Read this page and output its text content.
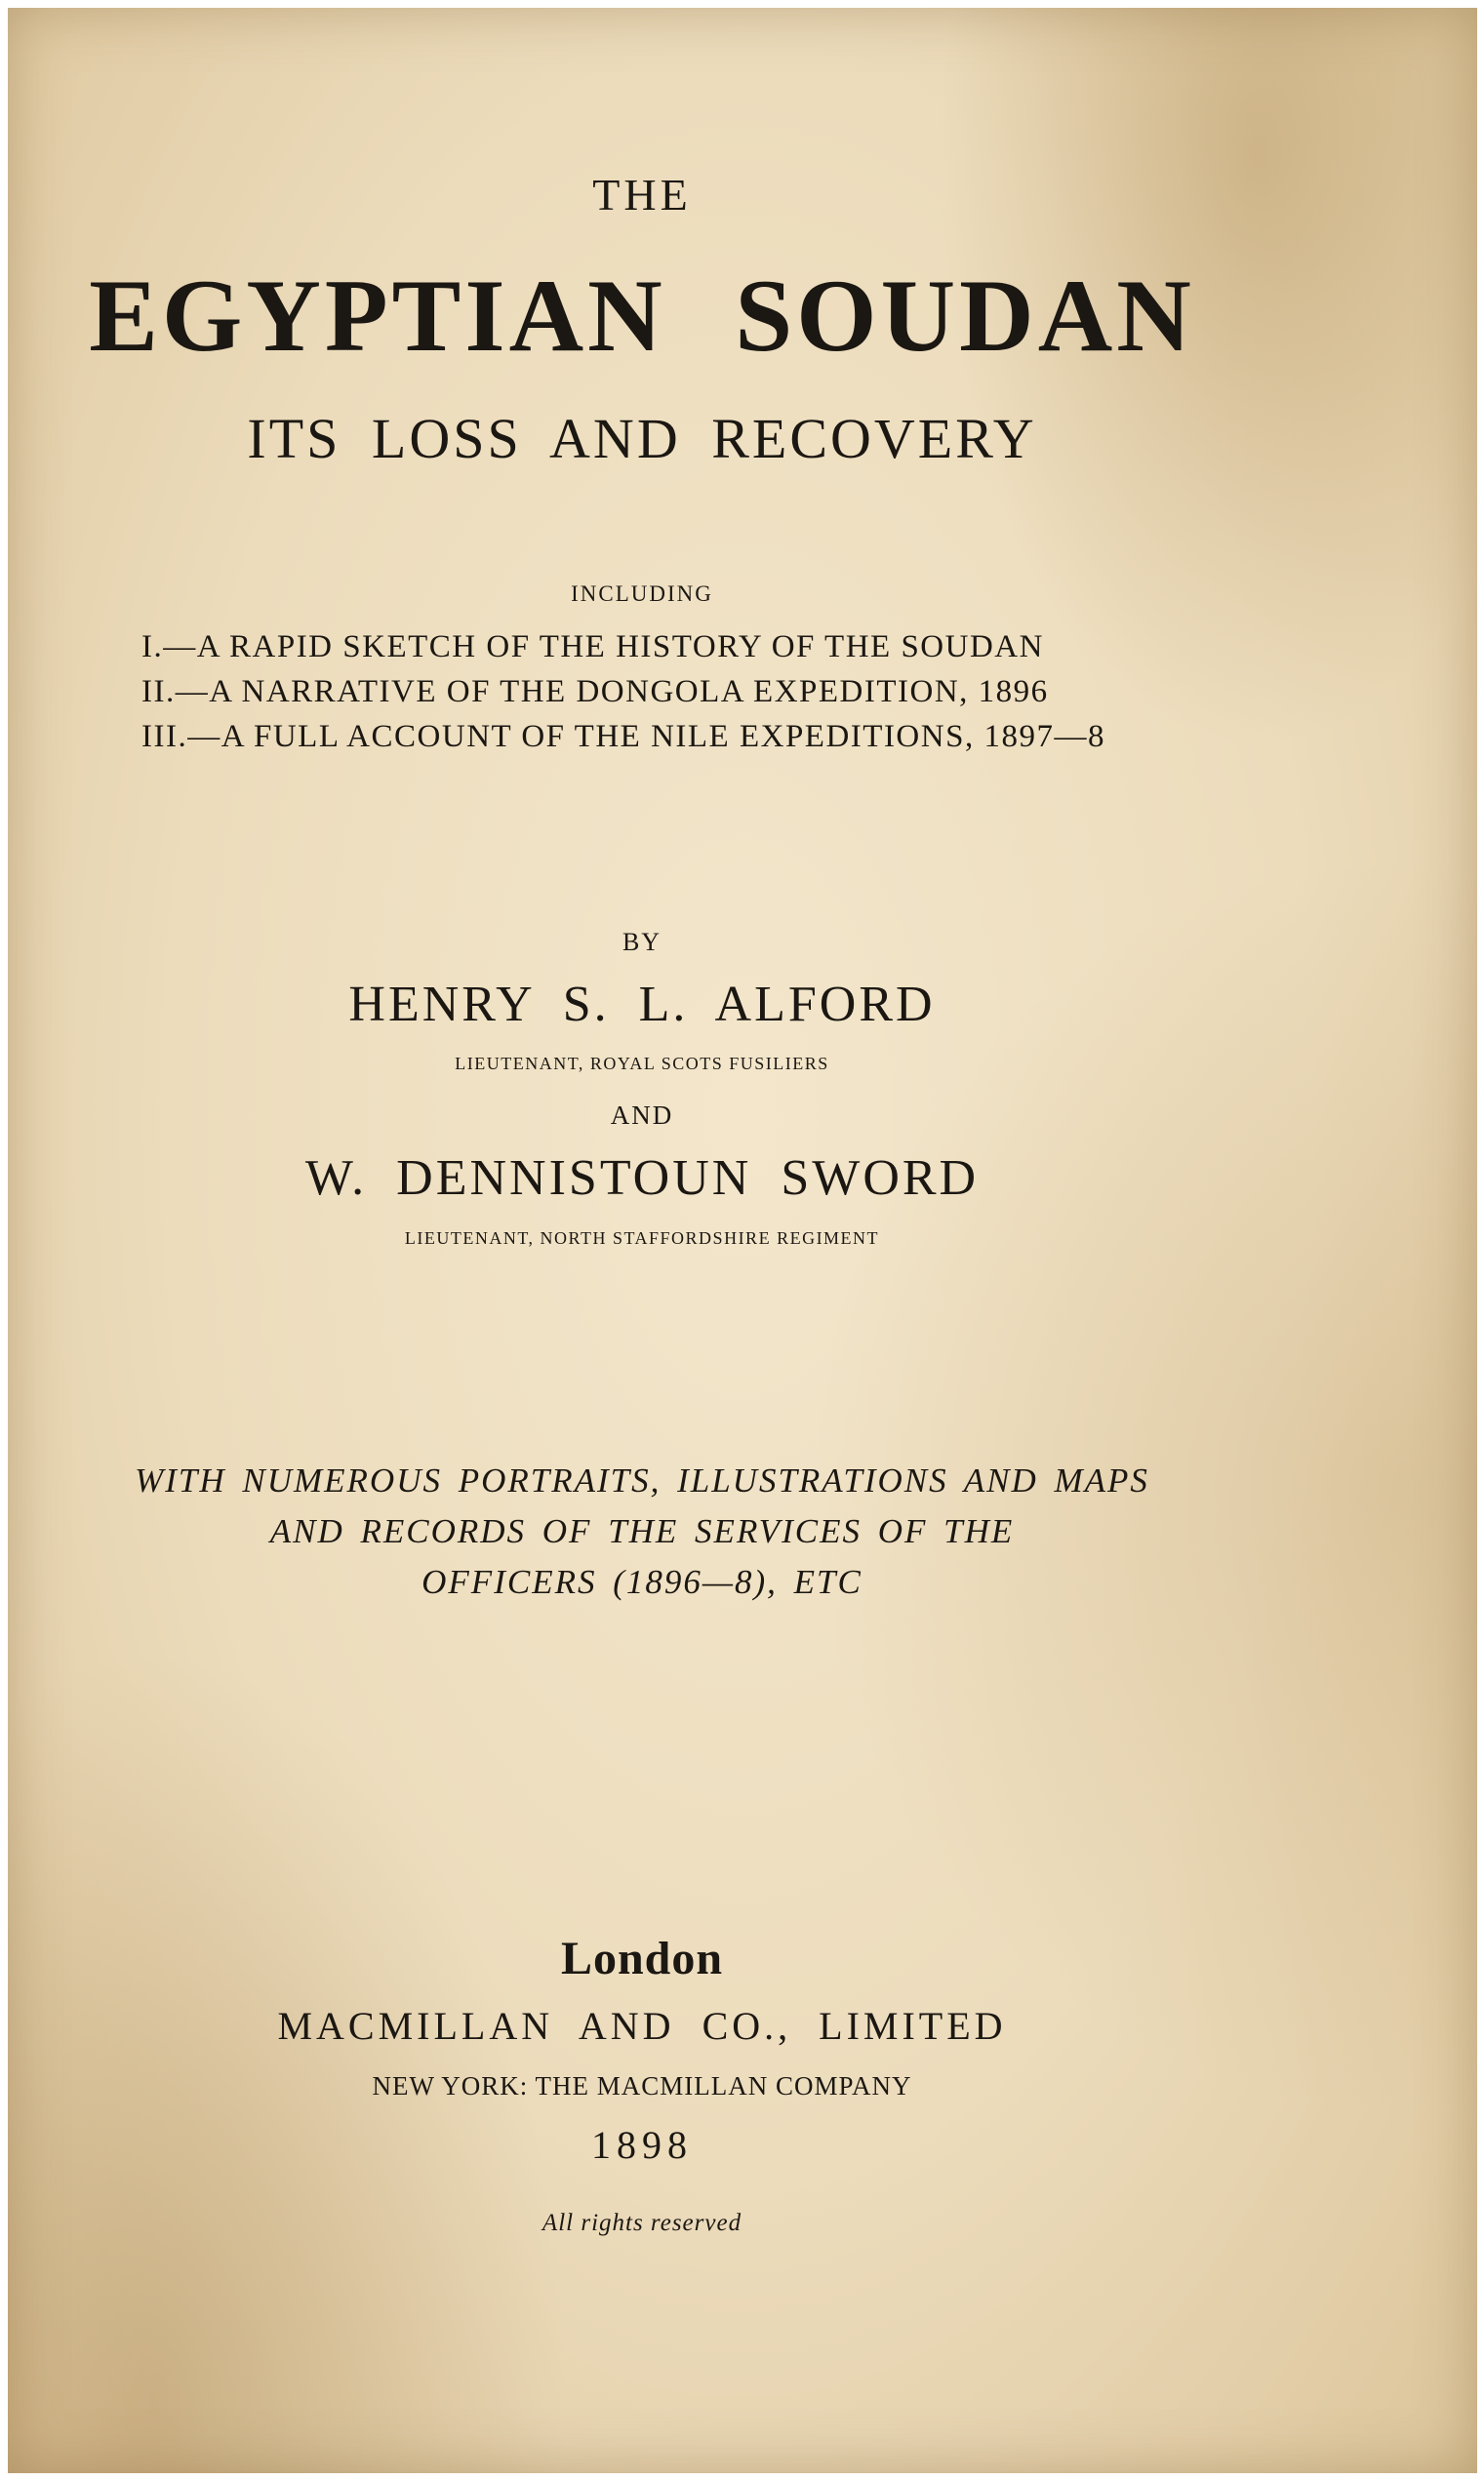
THE
EGYPTIAN SOUDAN
ITS LOSS AND RECOVERY
INCLUDING
I.—A RAPID SKETCH OF THE HISTORY OF THE SOUDAN
II.—A NARRATIVE OF THE DONGOLA EXPEDITION, 1896
III.—A FULL ACCOUNT OF THE NILE EXPEDITIONS, 1897—8
BY
HENRY S. L. ALFORD
LIEUTENANT, ROYAL SCOTS FUSILIERS
AND
W. DENNISTOUN SWORD
LIEUTENANT, NORTH STAFFORDSHIRE REGIMENT
WITH NUMEROUS PORTRAITS, ILLUSTRATIONS AND MAPS
AND RECORDS OF THE SERVICES OF THE
OFFICERS (1896—8), ETC
London
MACMILLAN AND CO., LIMITED
NEW YORK: THE MACMILLAN COMPANY
1898
All rights reserved
